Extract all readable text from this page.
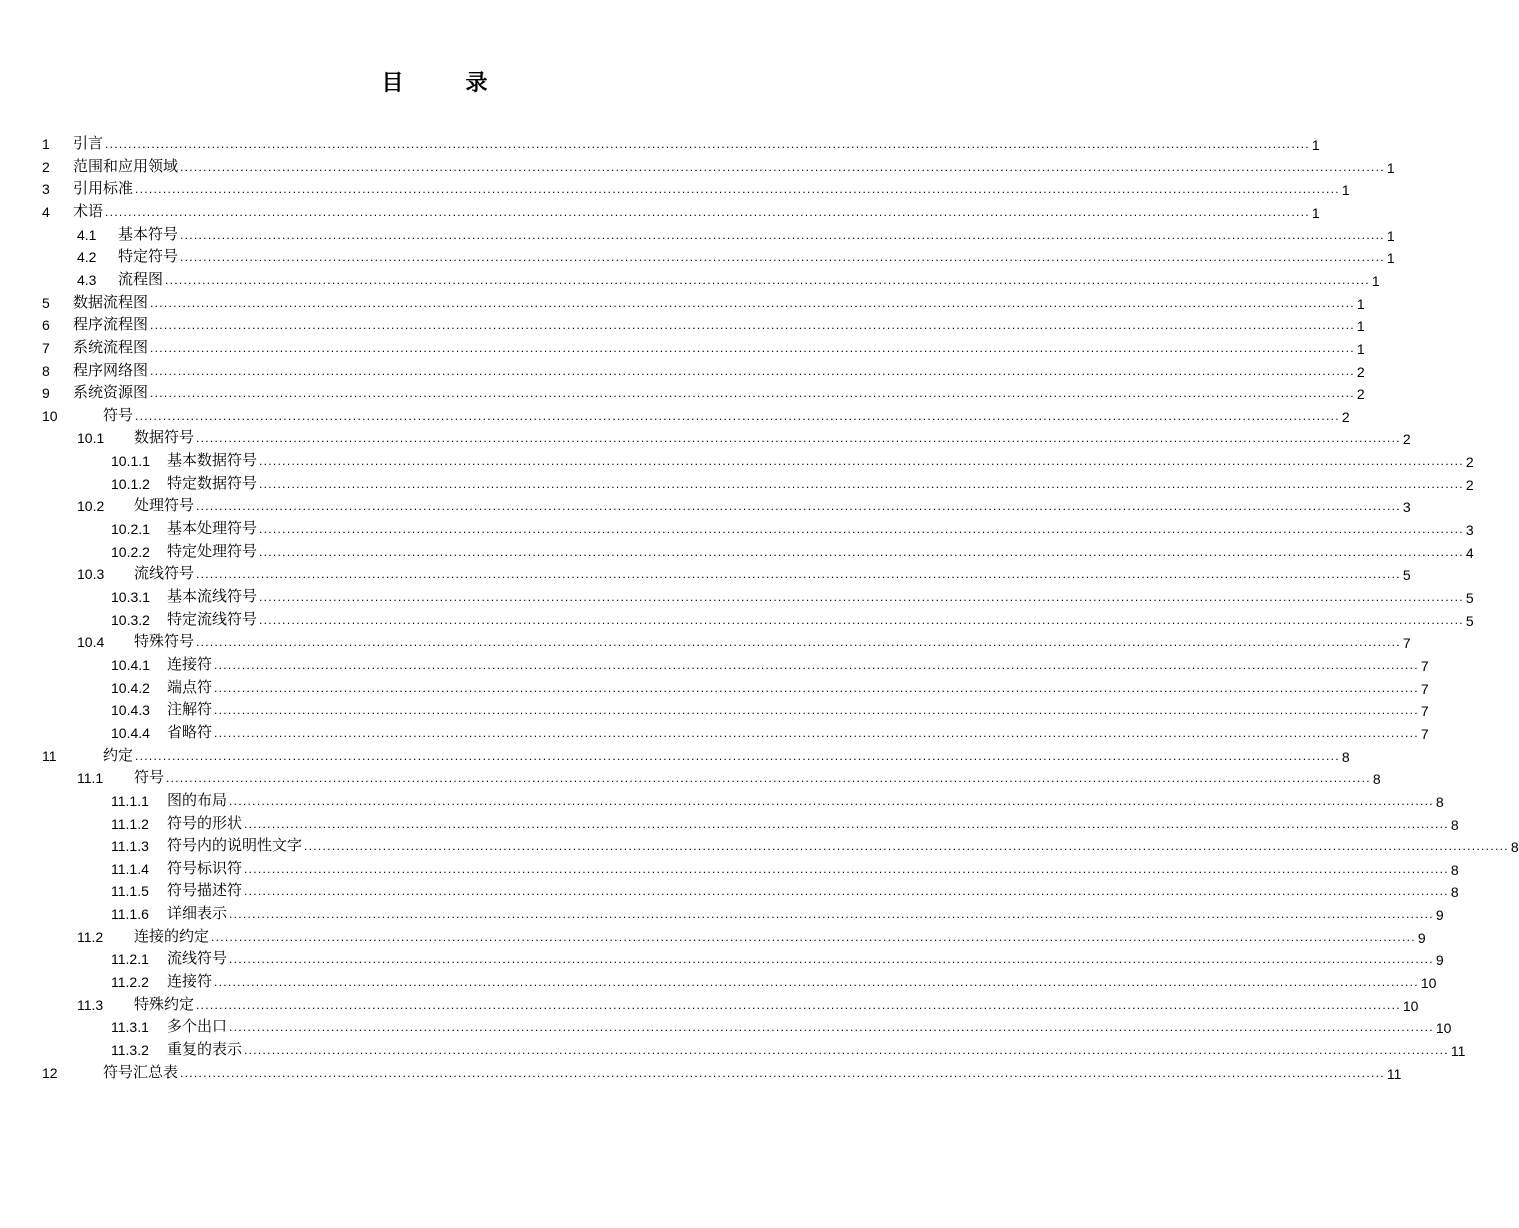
目	录
1 引言 .................................................................................................................................................................................................................................................................... 1
2 范围和应用领域 .................................................................................................................................................................................................................................................................... 1
3 引用标准 .................................................................................................................................................................................................................................................................... 1
4 术语 .................................................................................................................................................................................................................................................................... 1
4.1 基本符号 .................................................................................................................................................................................................................................................................... 1
4.2 特定符号 .................................................................................................................................................................................................................................................................... 1
4.3 流程图 .................................................................................................................................................................................................................................................................... 1
5 数据流程图 .................................................................................................................................................................................................................................................................... 1
6 程序流程图 .................................................................................................................................................................................................................................................................... 1
7 系统流程图 .................................................................................................................................................................................................................................................................... 1
8 程序网络图 .................................................................................................................................................................................................................................................................... 2
9 系统资源图 .................................................................................................................................................................................................................................................................... 2
10	符号 .................................................................................................................................................................................................................................................................... 2
10.1 数据符号 .................................................................................................................................................................................................................................................................... 2
10.1.1 基本数据符号 .................................................................................................................................................................................................................................................................... 2
10.1.2 特定数据符号 .................................................................................................................................................................................................................................................................... 2
10.2 处理符号 .................................................................................................................................................................................................................................................................... 3
10.2.1 基本处理符号 .................................................................................................................................................................................................................................................................... 3
10.2.2 特定处理符号 .................................................................................................................................................................................................................................................................... 4
10.3 流线符号 .................................................................................................................................................................................................................................................................... 5
10.3.1 基本流线符号 .................................................................................................................................................................................................................................................................... 5
10.3.2 特定流线符号 .................................................................................................................................................................................................................................................................... 5
10.4 特殊符号 .................................................................................................................................................................................................................................................................... 7
10.4.1 连接符 .................................................................................................................................................................................................................................................................... 7
10.4.2 端点符 .................................................................................................................................................................................................................................................................... 7
10.4.3 注解符 .................................................................................................................................................................................................................................................................... 7
10.4.4 省略符 .................................................................................................................................................................................................................................................................... 7
11	约定 .................................................................................................................................................................................................................................................................... 8
11.1 符号 .................................................................................................................................................................................................................................................................... 8
11.1.1 图的布局 .................................................................................................................................................................................................................................................................... 8
11.1.2 符号的形状 .................................................................................................................................................................................................................................................................... 8
11.1.3 符号内的说明性文字 .................................................................................................................................................................................................................................................................... 8
11.1.4 符号标识符 .................................................................................................................................................................................................................................................................... 8
11.1.5 符号描述符 .................................................................................................................................................................................................................................................................... 8
11.1.6 详细表示 .................................................................................................................................................................................................................................................................... 9
11.2 连接的约定 .................................................................................................................................................................................................................................................................... 9
11.2.1 流线符号 .................................................................................................................................................................................................................................................................... 9
11.2.2 连接符 .................................................................................................................................................................................................................................................................... 10
11.3 特殊约定 .................................................................................................................................................................................................................................................................... 10
11.3.1 多个出口 .................................................................................................................................................................................................................................................................... 10
11.3.2 重复的表示 .................................................................................................................................................................................................................................................................... 11
12	符号汇总表 .................................................................................................................................................................................................................................................................... 11
